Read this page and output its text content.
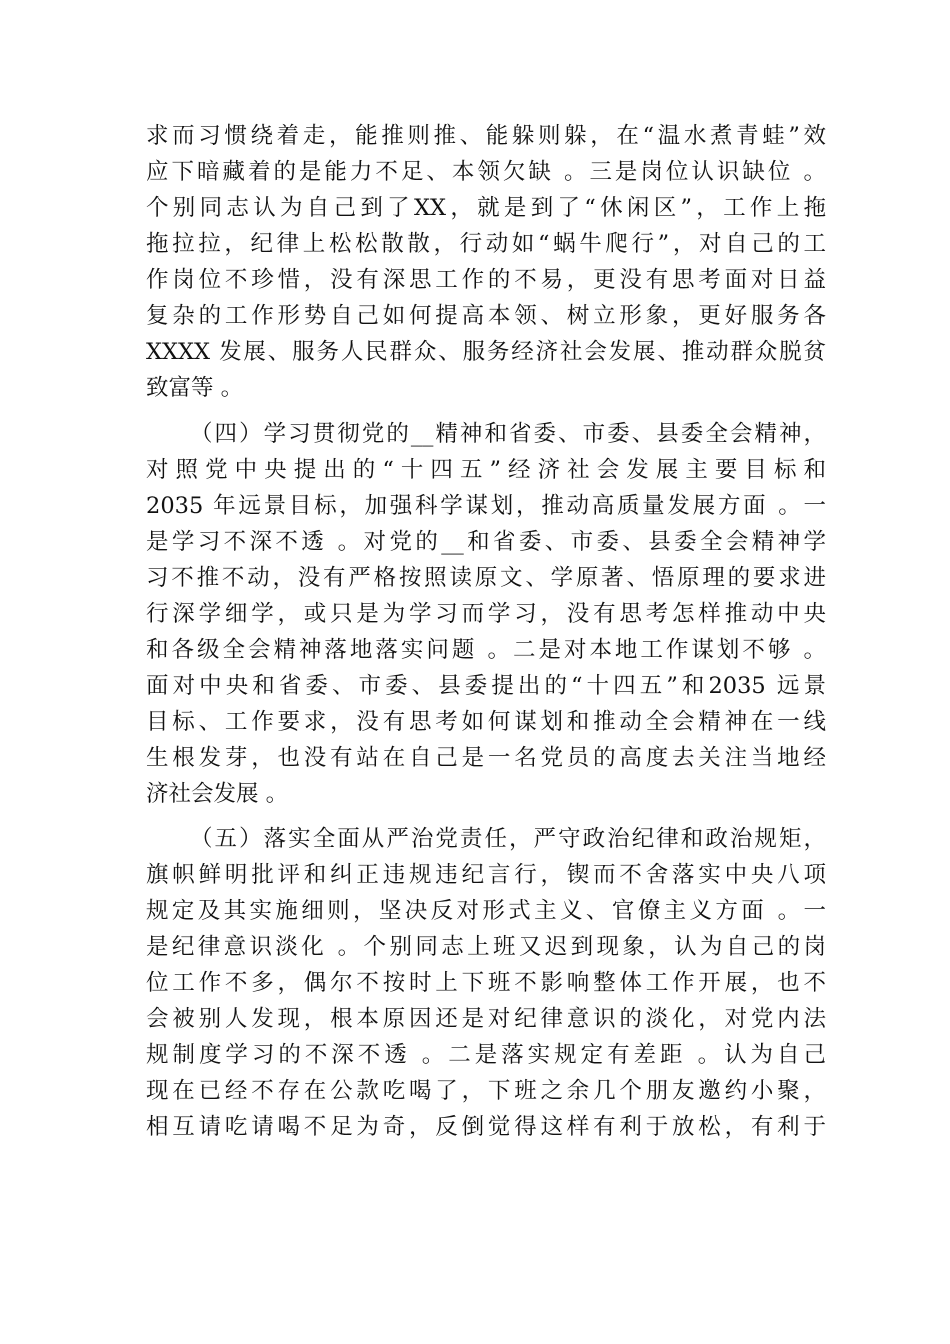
求而习惯绕着走，能推则推、能躲则躲，在“温水煮青蛙”效
应下暗藏着的是能力不足、本领欠缺 。三是岗位认识缺位 。
个别同志认为自己到了XX，就是到了“休闲区”，工作上拖
拖拉拉，纪律上松松散散，行动如“蜗牛爬行”，对自己的工
作岗位不珍惜，没有深思工作的不易，更没有思考面对日益
复杂的工作形势自己如何提高本领、树立形象，更好服务各
XXXX 发展、服务人民群众、服务经济社会发展、推动群众脱贫
致富等 。
（四）学习贯彻党的__精神和省委、市委、县委全会精神，
对照党中央提出的“十四五”经济社会发展主要目标和
2035 年远景目标，加强科学谋划，推动高质量发展方面 。一
是学习不深不透 。对党的__和省委、市委、县委全会精神学
习不推不动，没有严格按照读原文、学原著、悟原理的要求进
行深学细学，或只是为学习而学习，没有思考怎样推动中央
和各级全会精神落地落实问题 。二是对本地工作谋划不够 。
面对中央和省委、市委、县委提出的“十四五”和2035 远景
目标、工作要求，没有思考如何谋划和推动全会精神在一线
生根发芽，也没有站在自己是一名党员的高度去关注当地经
济社会发展 。
（五）落实全面从严治党责任，严守政治纪律和政治规矩，
旗帜鲜明批评和纠正违规违纪言行，锲而不舍落实中央八项
规定及其实施细则，坚决反对形式主义、官僚主义方面 。一
是纪律意识淡化 。个别同志上班又迟到现象，认为自己的岗
位工作不多，偶尔不按时上下班不影响整体工作开展，也不
会被别人发现，根本原因还是对纪律意识的淡化，对党内法
规制度学习的不深不透 。二是落实规定有差距 。认为自己
现在已经不存在公款吃喝了，下班之余几个朋友邀约小聚，
相互请吃请喝不足为奇，反倒觉得这样有利于放松，有利于
